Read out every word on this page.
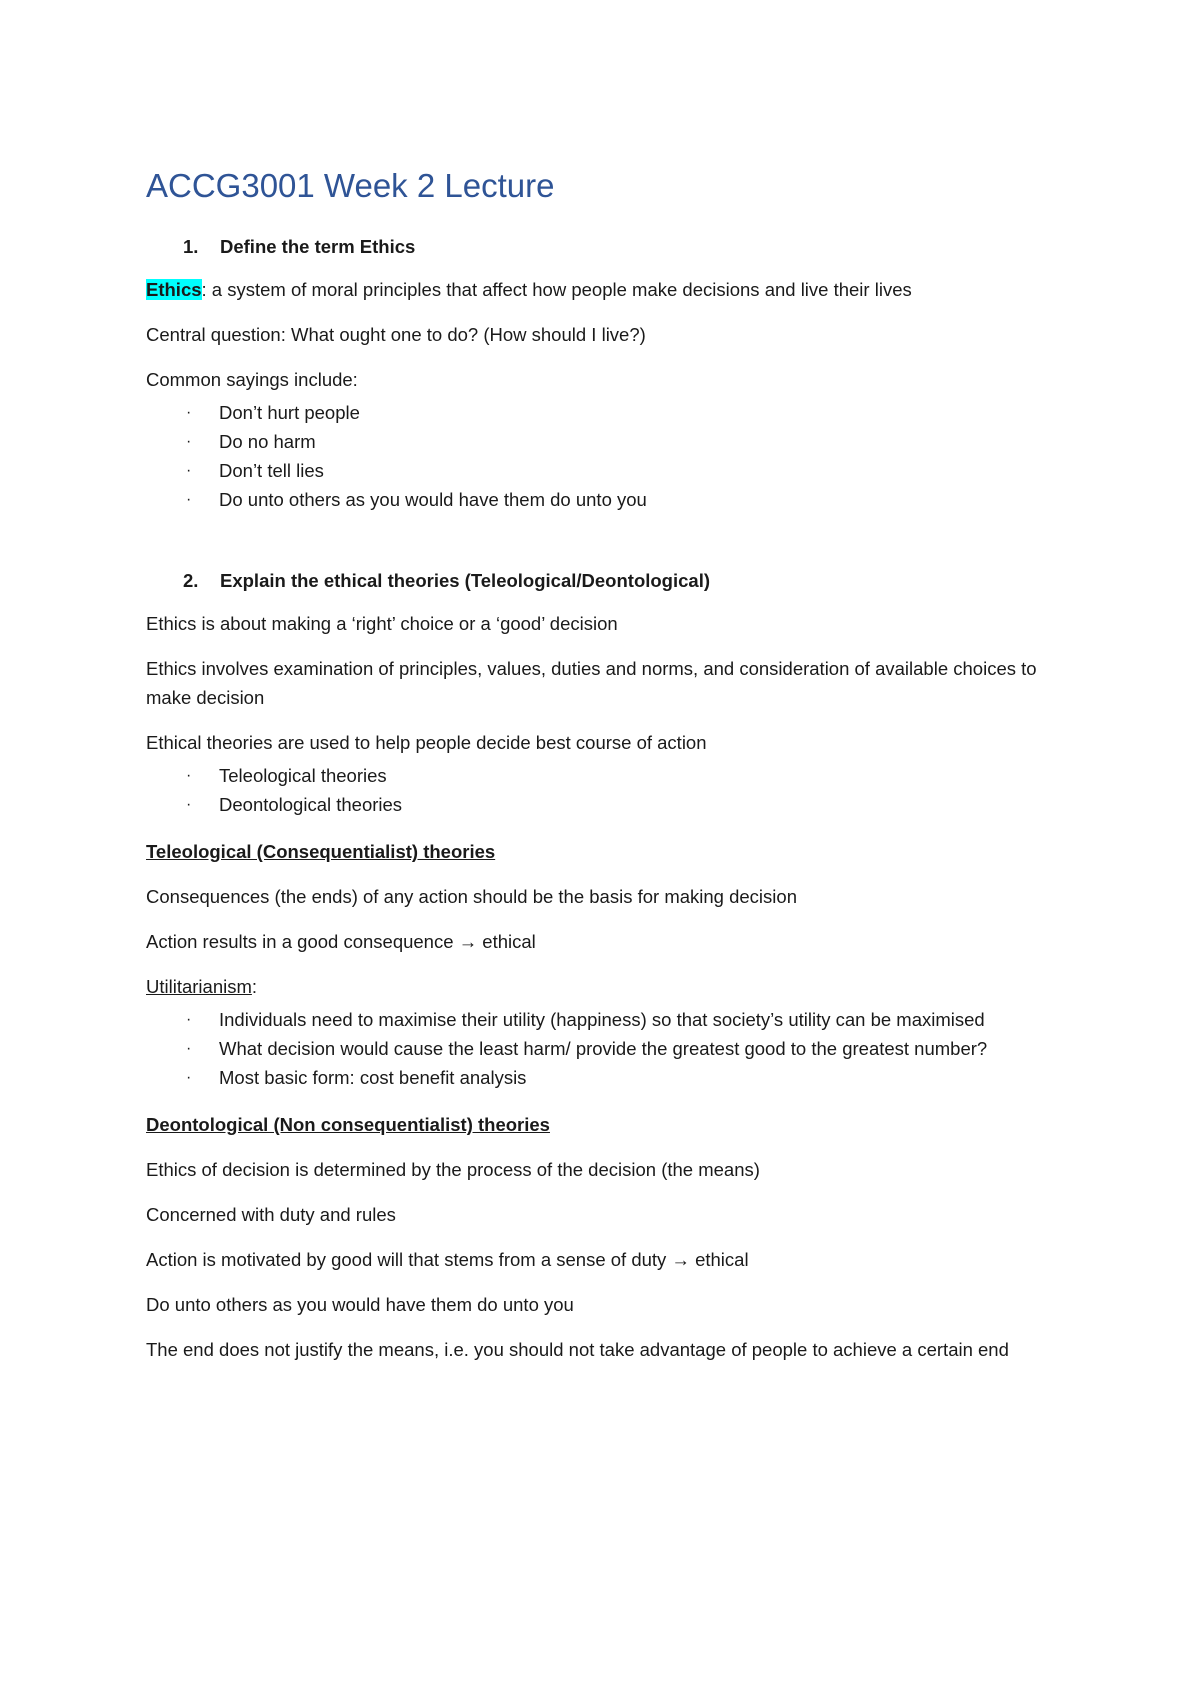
ACCG3001 Week 2 Lecture
1.	Define the term Ethics

Ethics: a system of moral principles that affect how people make decisions and live their lives

Central question: What ought one to do? (How should I live?)

Common sayings include:

·	Don’t hurt people
·	Do no harm
·	Don’t tell lies
·	Do unto others as you would have them do unto you
2.	Explain the ethical theories (Teleological/Deontological)

Ethics is about making a ‘right’ choice or a ‘good’ decision

Ethics involves examination of principles, values, duties and norms, and consideration of available choices to make decision

Ethical theories are used to help people decide best course of action

·	Teleological theories
·	Deontological theories

Teleological (Consequentialist) theories

Consequences (the ends) of any action should be the basis for making decision

Action results in a good consequence → ethical

Utilitarianism:

·	Individuals need to maximise their utility (happiness) so that society’s utility can be maximised
·	What decision would cause the least harm/ provide the greatest good to the greatest number?
·	Most basic form: cost benefit analysis

Deontological (Non consequentialist) theories

Ethics of decision is determined by the process of the decision (the means)

Concerned with duty and rules

Action is motivated by good will that stems from a sense of duty → ethical

Do unto others as you would have them do unto you

The end does not justify the means, i.e. you should not take advantage of people to achieve a certain end
